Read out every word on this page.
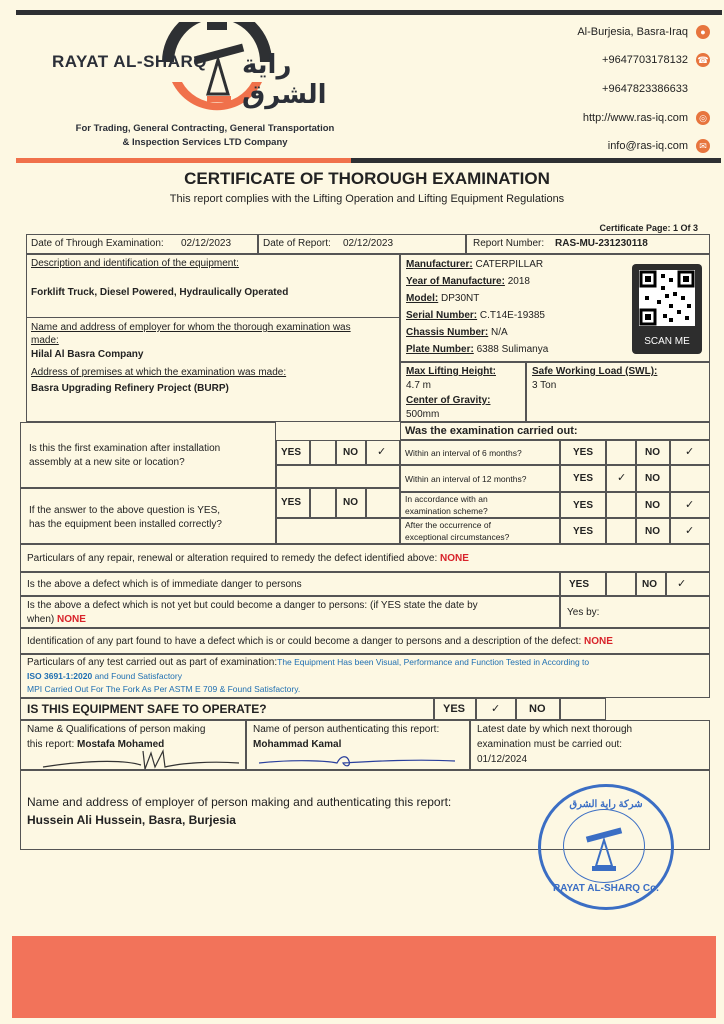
RAYAT AL-SHARQ راية الشرق
For Trading, General Contracting, General Transportation
& Inspection Services LTD Company
Al-Burjesia, Basra-Iraq	●
+9647703178132 ☎
+9647823386633
http://www.ras-iq.com	◎
info@ras-iq.com	✉
CERTIFICATE OF THOROUGH EXAMINATION
This report complies with the Lifting Operation and Lifting Equipment Regulations
Certificate Page: 1 Of 3
Date of Through Examination: 02/12/2023	Date of Report: 02/12/2023	Report Number: RAS-MU-231230118
Description and identification of the equipment:
Forklift Truck, Diesel Powered, Hydraulically Operated
Name and address of employer for whom the thorough examination was
made:
Hilal Al Basra Company
Address of premises at which the examination was made:
Basra Upgrading Refinery Project (BURP)
Manufacturer: CATERPILLAR
Year of Manufacture: 2018
Model: DP30NT
Serial Number: C.T14E-19385
Chassis Number: N/A
Plate Number: 6388 Sulimanya
SCAN ME
Max Lifting Height:
4.7 m
Center of Gravity:
500mm
Safe Working Load (SWL):
3 Ton
Is this the first examination after installation
assembly at a new site or location?
YES	NO ✓
If the answer to the above question is YES,
has the equipment been installed correctly?
YES	NO
Was the examination carried out:
Within an interval of 6 months?	YES	NO ✓
Within an interval of 12 months?	YES ✓ NO
In accordance with an
examination scheme?	YES	NO ✓
After the occurrence of
exceptional circumstances?	YES	NO ✓
Particulars of any repair, renewal or alteration required to remedy the defect identified above: NONE
Is the above a defect which is of immediate danger to persons	YES	NO ✓
Is the above a defect which is not yet but could become a danger to persons: (if YES state the date by
when) NONE
Yes by:
Identification of any part found to have a defect which is or could become a danger to persons and a description of the defect: NONE
Particulars of any test carried out as part of examination:The Equipment Has been Visual, Performance and Function Tested in According to
ISO 3691-1:2020 and Found Satisfactory
MPI Carried Out For The Fork As Per ASTM E 709 & Found Satisfactory.
IS THIS EQUIPMENT SAFE TO OPERATE?	YES ✓	NO
Name & Qualifications of person making
this report: Mostafa Mohamed
Name of person authenticating this report:
Mohammad Kamal
Latest date by which next thorough
examination must be carried out:
01/12/2024
Name and address of employer of person making and authenticating this report:
Hussein Ali Hussein, Basra, Burjesia
شركة راية الشرق
RAYAT AL-SHARQ Co.
